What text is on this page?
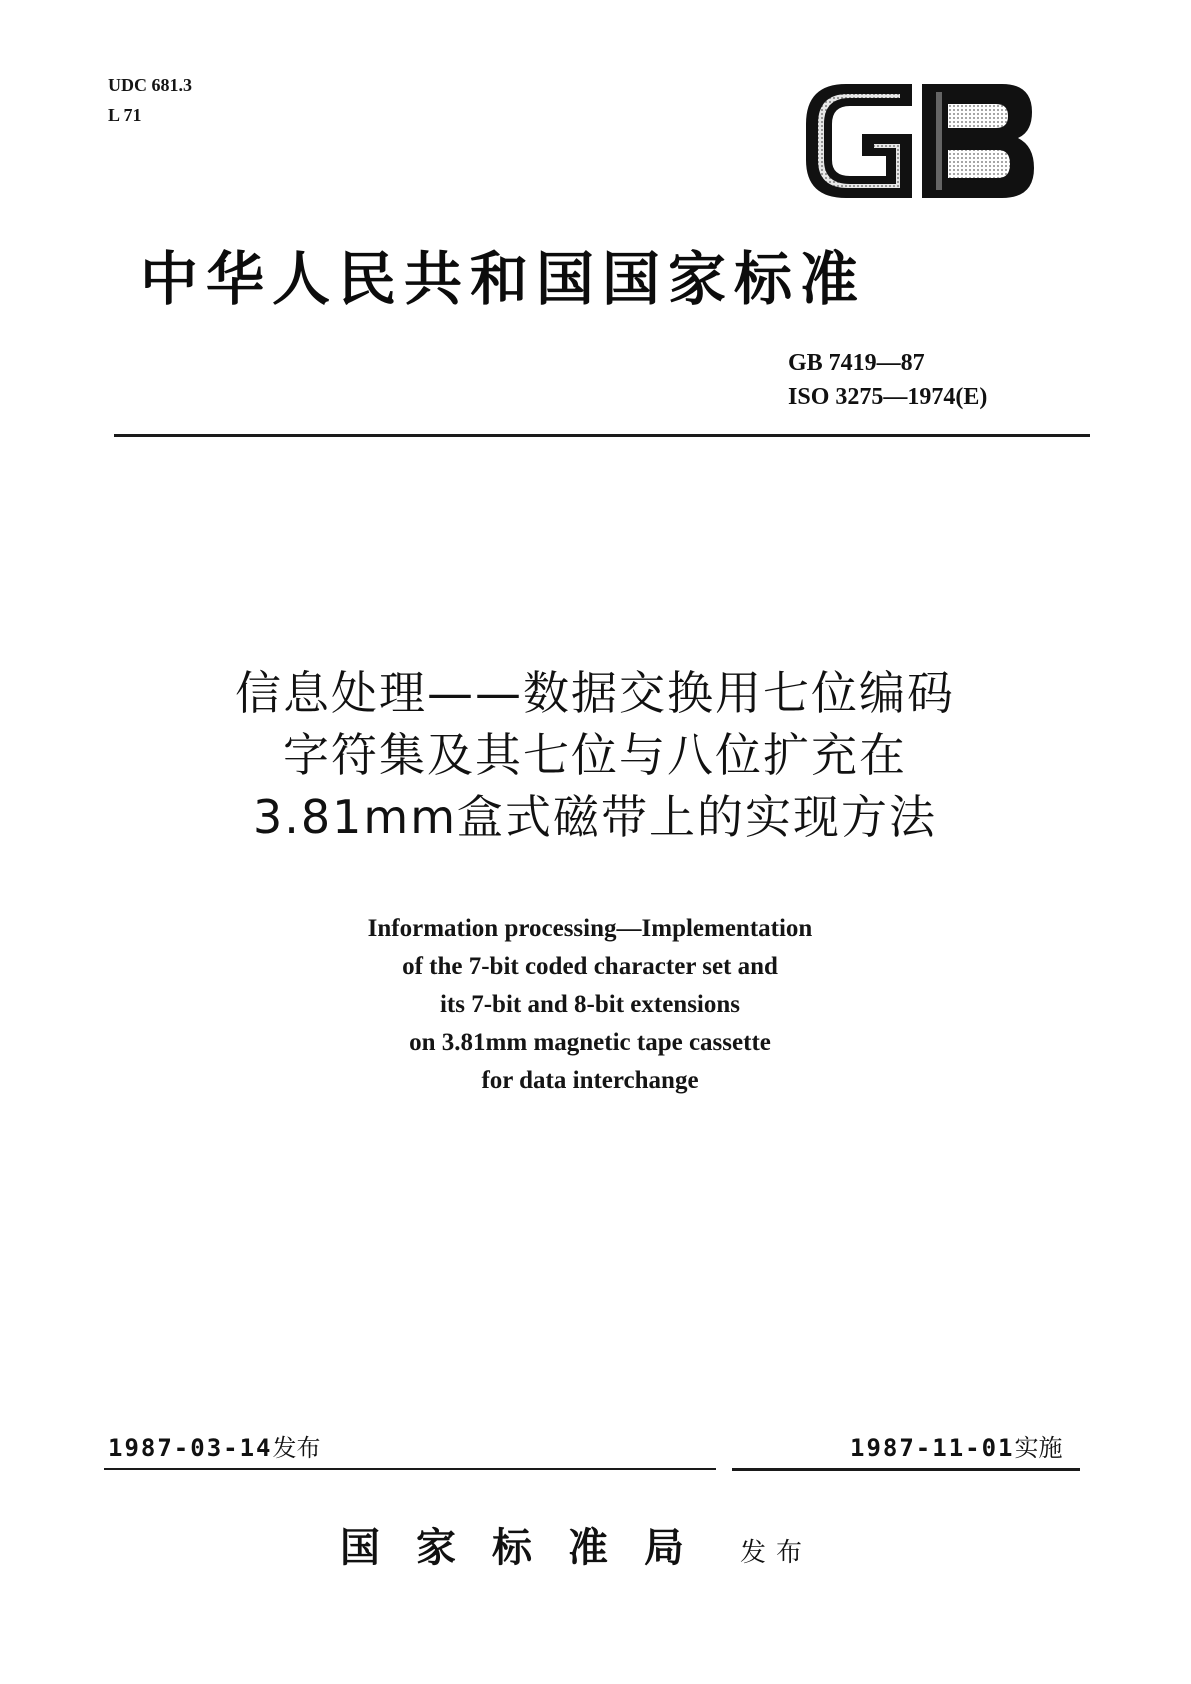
UDC 681.3
L 71
中华人民共和国国家标准
GB 7419—87
ISO 3275—1974(E)
信息处理——数据交换用七位编码
字符集及其七位与八位扩充在
3.81mm盒式磁带上的实现方法
Information processing—Implementation
of the 7-bit coded character set and
its 7-bit and 8-bit extensions
on 3.81mm magnetic tape cassette
for data interchange
1987-03-14发布	1987-11-01实施
国家标准局 发布
